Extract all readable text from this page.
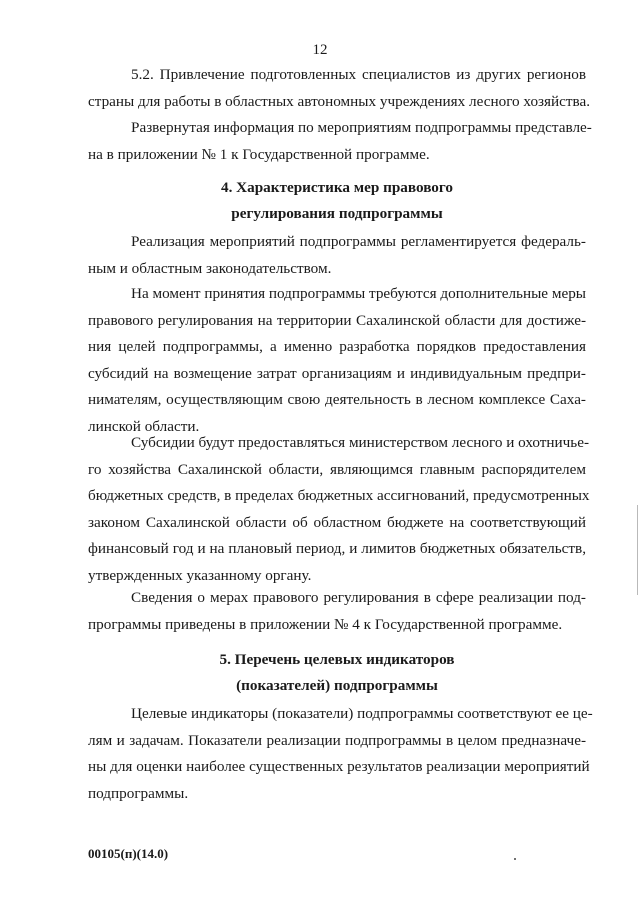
12
5.2. Привлечение подготовленных специалистов из других регионов
страны для работы в областных автономных учреждениях лесного хозяйства.
Развернутая информация по мероприятиям подпрограммы представле-
на в приложении № 1 к Государственной программе.
4. Характеристика мер правового
регулирования подпрограммы
Реализация мероприятий подпрограммы регламентируется федераль-
ным и областным законодательством.
На момент принятия подпрограммы требуются дополнительные меры
правового регулирования на территории Сахалинской области для достиже-
ния целей подпрограммы, а именно разработка порядков предоставления
субсидий на возмещение затрат организациям и индивидуальным предпри-
нимателям, осуществляющим свою деятельность в лесном комплексе Саха-
линской области.
Субсидии будут предоставляться министерством лесного и охотничье-
го хозяйства Сахалинской области, являющимся главным распорядителем
бюджетных средств, в пределах бюджетных ассигнований, предусмотренных
законом Сахалинской области об областном бюджете на соответствующий
финансовый год и на плановый период, и лимитов бюджетных обязательств,
утвержденных указанному органу.
Сведения о мерах правового регулирования в сфере реализации под-
программы приведены в приложении № 4 к Государственной программе.
5. Перечень целевых индикаторов
(показателей) подпрограммы
Целевые индикаторы (показатели) подпрограммы соответствуют ее це-
лям и задачам. Показатели реализации подпрограммы в целом предназначе-
ны для оценки наиболее существенных результатов реализации мероприятий
подпрограммы.
00105(п)(14.0)
